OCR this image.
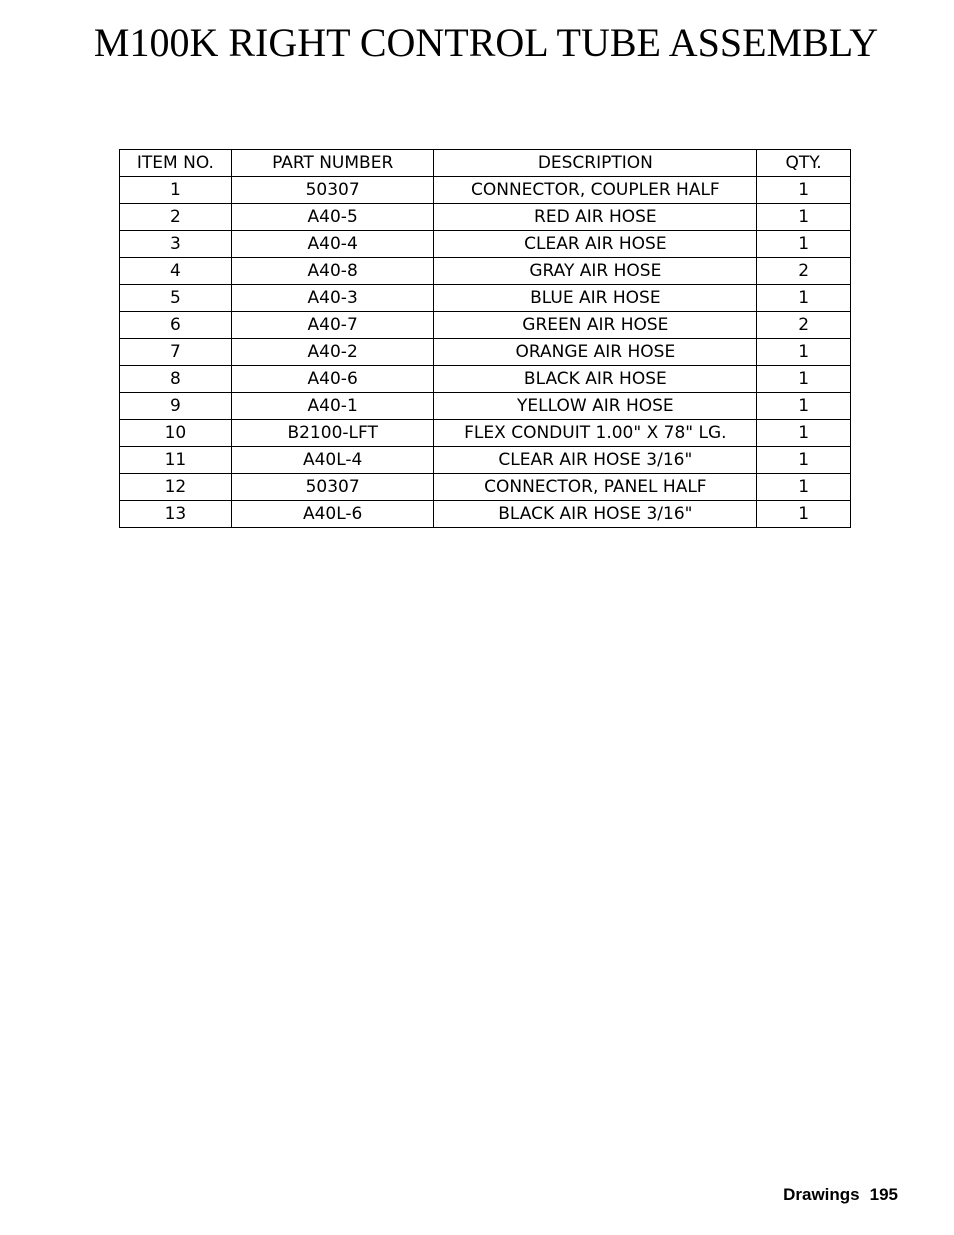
M100K RIGHT CONTROL TUBE ASSEMBLY
ITEM NO.	PART NUMBER	DESCRIPTION	QTY.
1	50307	CONNECTOR, COUPLER HALF	1
2	A40-5	RED AIR HOSE	1
3	A40-4	CLEAR AIR HOSE	1
4	A40-8	GRAY AIR HOSE	2
5	A40-3	BLUE AIR HOSE	1
6	A40-7	GREEN AIR HOSE	2
7	A40-2	ORANGE AIR HOSE	1
8	A40-6	BLACK AIR HOSE	1
9	A40-1	YELLOW AIR HOSE	1
10	B2100-LFT	FLEX CONDUIT 1.00" X 78" LG.	1
11	A40L-4	CLEAR AIR HOSE 3/16"	1
12	50307	CONNECTOR, PANEL HALF	1
13	A40L-6	BLACK AIR HOSE 3/16"	1
Drawings 195
